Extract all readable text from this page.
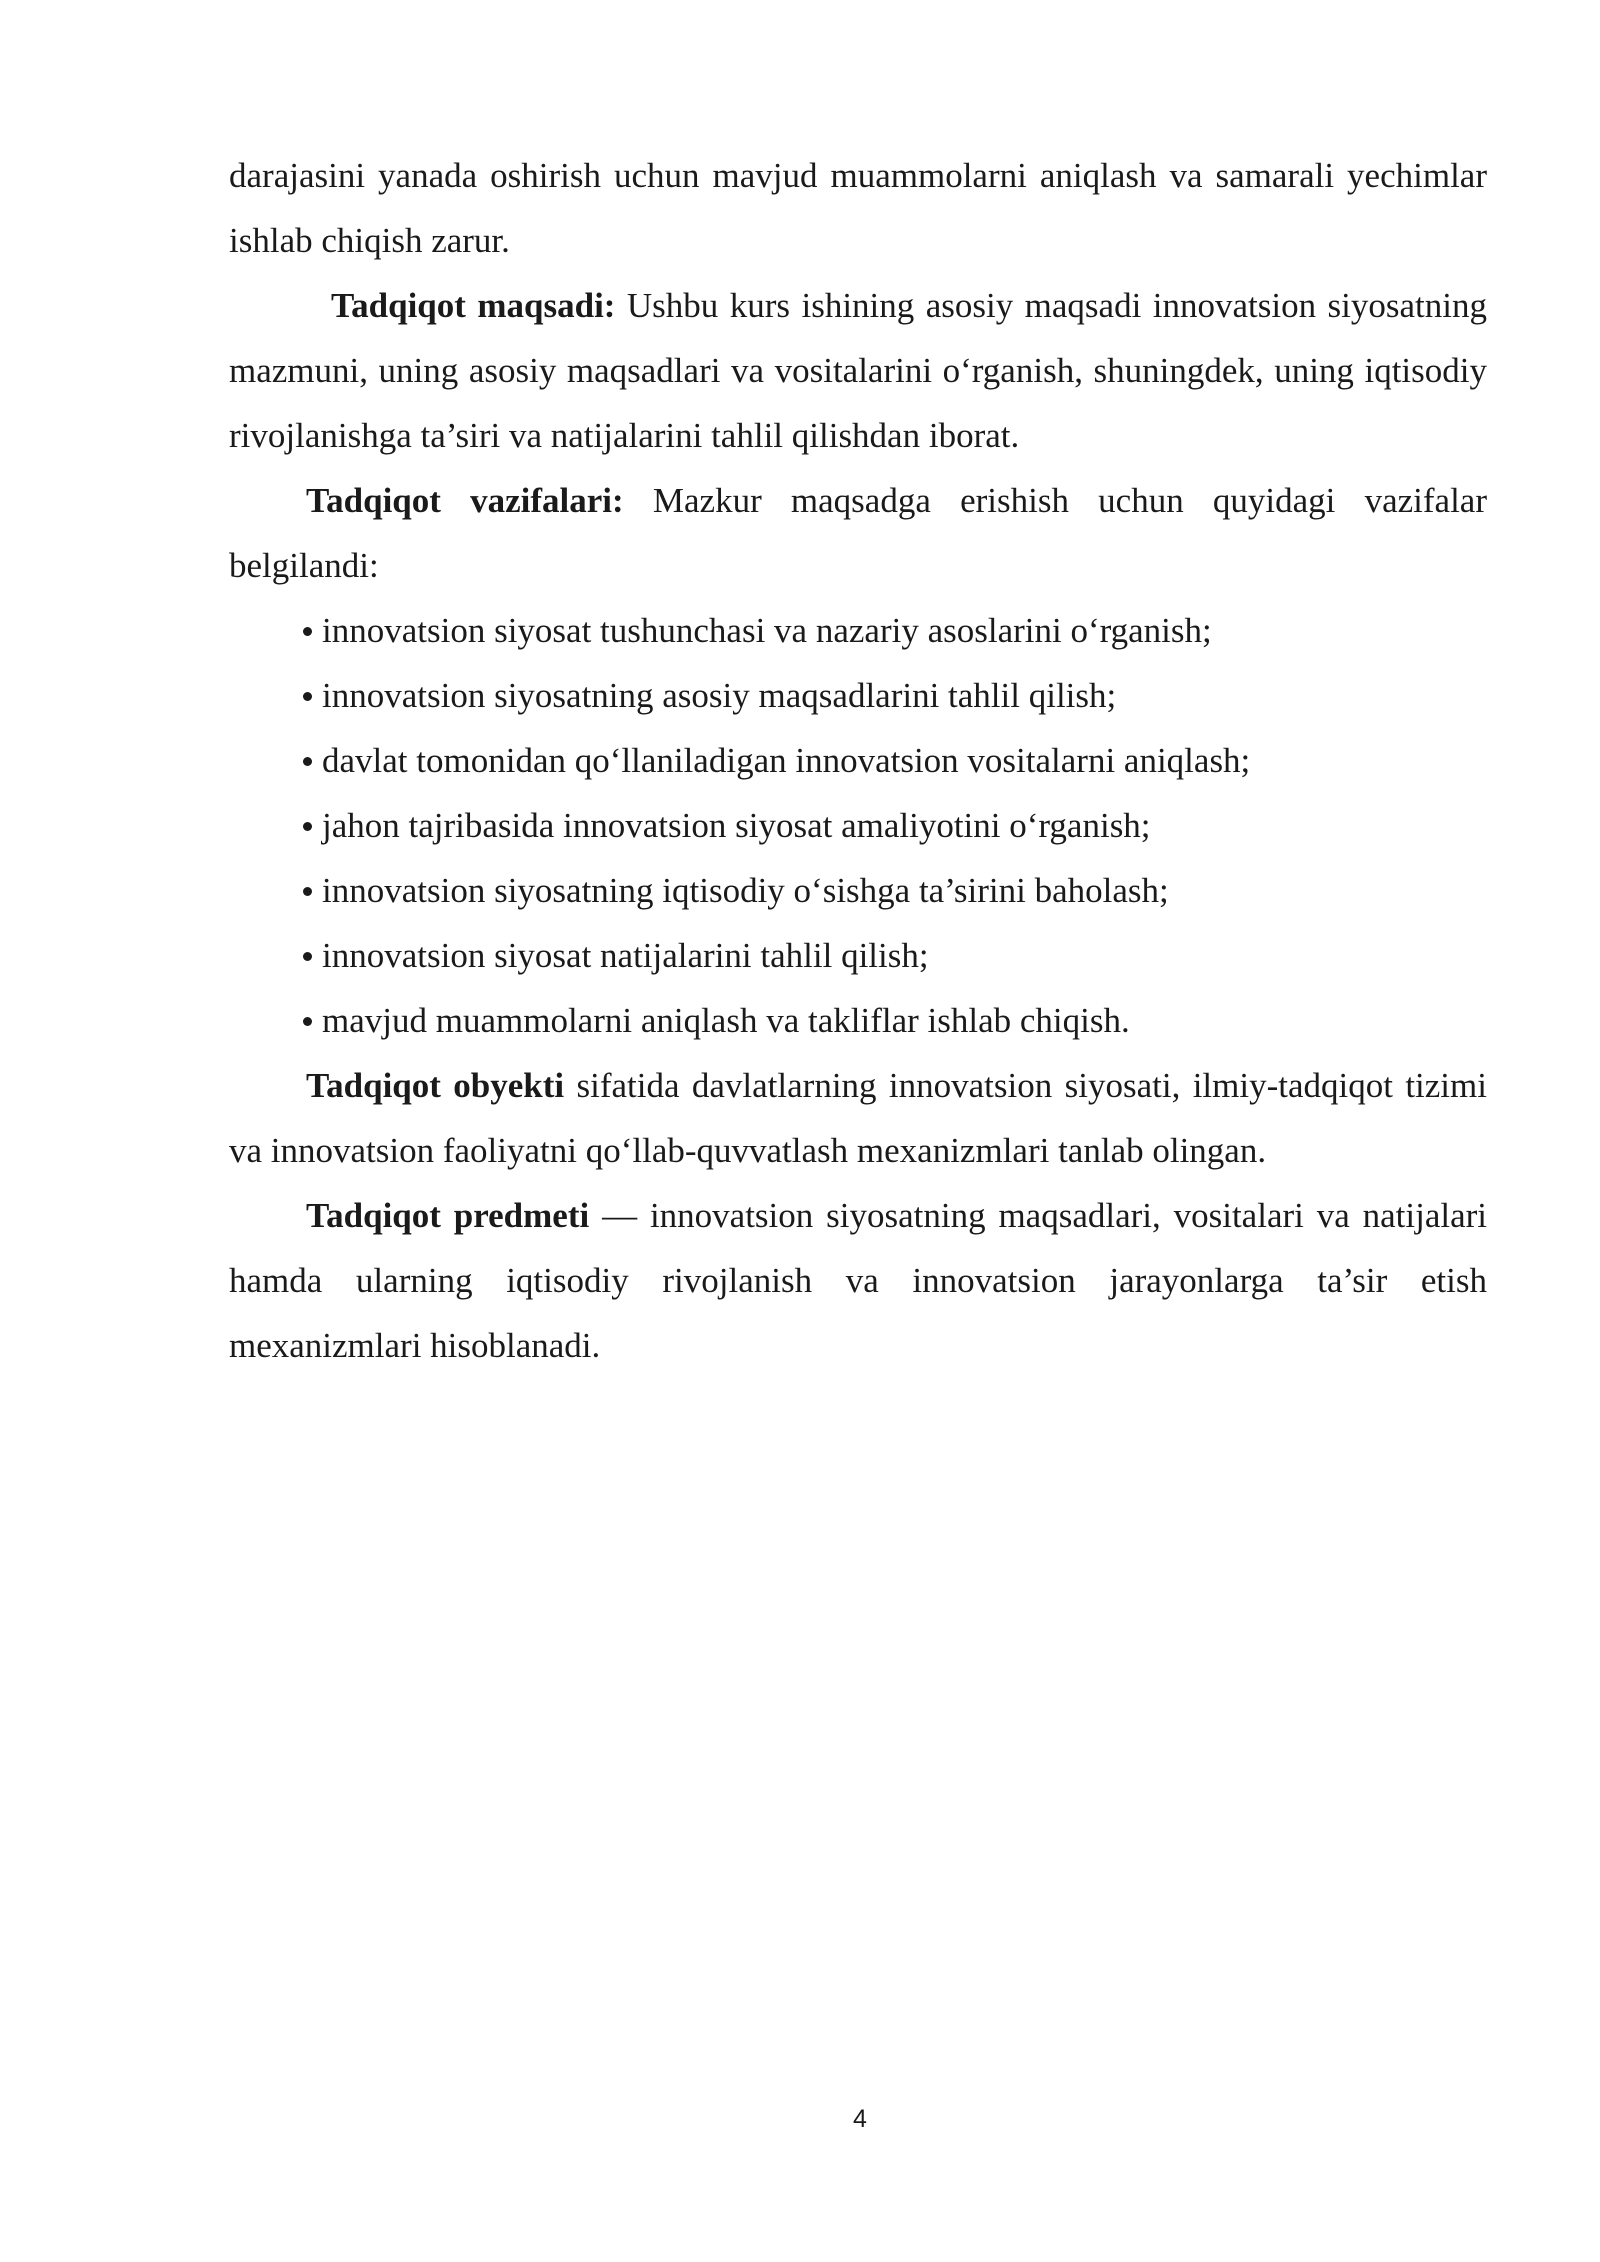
darajasini yanada oshirish uchun mavjud muammolarni aniqlash va samarali yechimlar ishlab chiqish zarur.

Tadqiqot maqsadi: Ushbu kurs ishining asosiy maqsadi innovatsion siyosatning mazmuni, uning asosiy maqsadlari va vositalarini o‘rganish, shuningdek, uning iqtisodiy rivojlanishga ta’siri va natijalarini tahlil qilishdan iborat.

Tadqiqot vazifalari: Mazkur maqsadga erishish uchun quyidagi vazifalar belgilandi:

innovatsion siyosat tushunchasi va nazariy asoslarini o‘rganish;
innovatsion siyosatning asosiy maqsadlarini tahlil qilish;
davlat tomonidan qo‘llaniladigan innovatsion vositalarni aniqlash;
jahon tajribasida innovatsion siyosat amaliyotini o‘rganish;
innovatsion siyosatning iqtisodiy o‘sishga ta’sirini baholash;
innovatsion siyosat natijalarini tahlil qilish;
mavjud muammolarni aniqlash va takliflar ishlab chiqish.

Tadqiqot obyekti sifatida davlatlarning innovatsion siyosati, ilmiy-tadqiqot tizimi va innovatsion faoliyatni qo‘llab-quvvatlash mexanizmlari tanlab olingan.

Tadqiqot predmeti — innovatsion siyosatning maqsadlari, vositalari va natijalari hamda ularning iqtisodiy rivojlanish va innovatsion jarayonlarga ta’sir etish mexanizmlari hisoblanadi.

4
